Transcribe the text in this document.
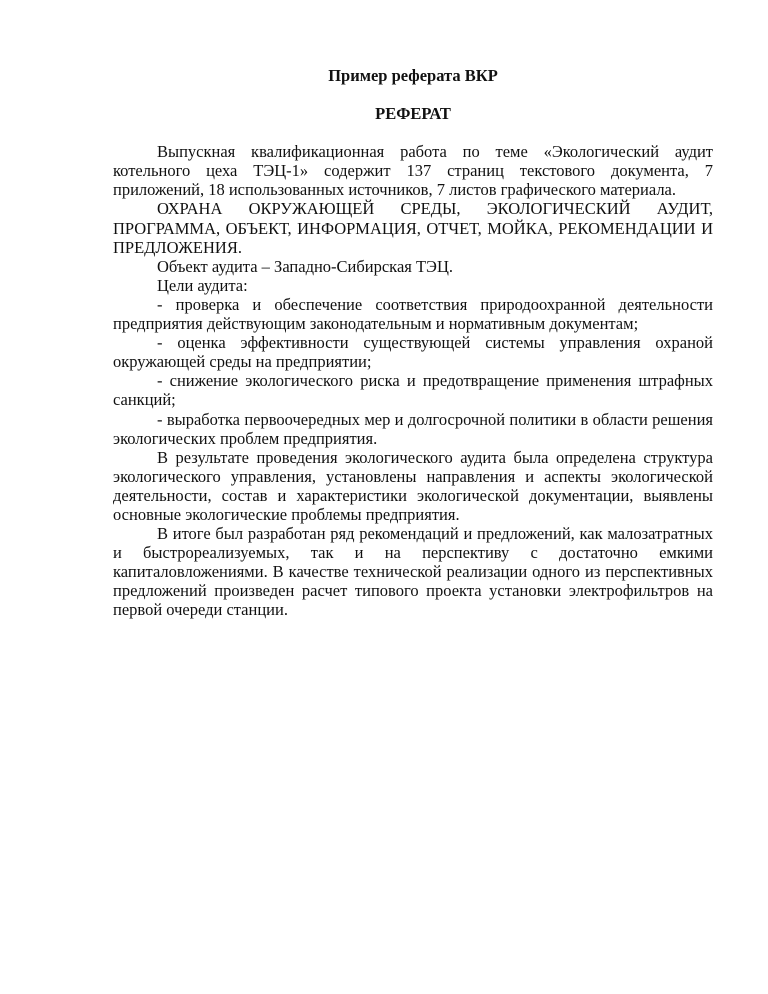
Пример реферата ВКР

РЕФЕРАТ

Выпускная квалификационная работа по теме «Экологический аудит котельного цеха ТЭЦ-1» содержит 137 страниц текстового документа, 7 приложений, 18 использованных источников, 7 листов графического материала.

ОХРАНА ОКРУЖАЮЩЕЙ СРЕДЫ, ЭКОЛОГИЧЕСКИЙ АУДИТ, ПРОГРАММА, ОБЪЕКТ, ИНФОРМАЦИЯ, ОТЧЕТ, МОЙКА, РЕКОМЕНДАЦИИ И ПРЕДЛОЖЕНИЯ.

Объект аудита – Западно-Сибирская ТЭЦ.

Цели аудита:

- проверка и обеспечение соответствия природоохранной деятельности предприятия действующим законодательным и нормативным документам;

- оценка эффективности существующей системы управления охраной окружающей среды на предприятии;

- снижение экологического риска и предотвращение применения штрафных санкций;

- выработка первоочередных мер и долгосрочной политики в области решения экологических проблем предприятия.

В результате проведения экологического аудита была определена структура экологического управления, установлены направления и аспекты экологической деятельности, состав и характеристики экологической документации, выявлены основные экологические проблемы предприятия.

В итоге был разработан ряд рекомендаций и предложений, как малозатратных и быстрореализуемых, так и на перспективу с достаточно емкими капиталовложениями. В качестве технической реализации одного из перспективных предложений произведен расчет типового проекта установки электрофильтров на первой очереди станции.
